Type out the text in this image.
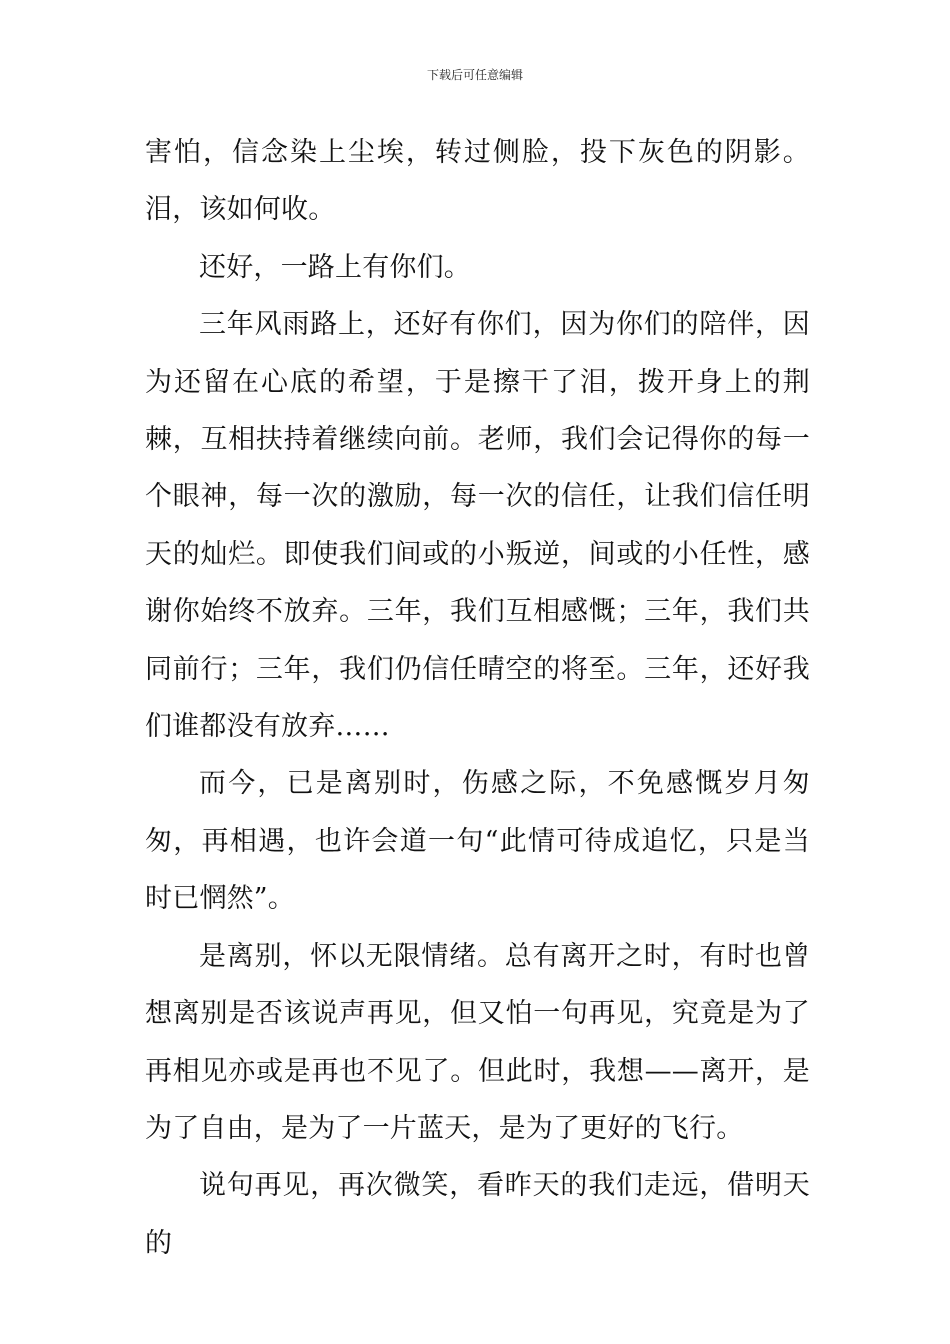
下载后可任意编辑

害怕，信念染上尘埃，转过侧脸，投下灰色的阴影。泪，该如何收。

还好，一路上有你们。

三年风雨路上，还好有你们，因为你们的陪伴，因为还留在心底的希望，于是擦干了泪，拨开身上的荆棘，互相扶持着继续向前。老师，我们会记得你的每一个眼神，每一次的激励，每一次的信任，让我们信任明天的灿烂。即使我们间或的小叛逆，间或的小任性，感谢你始终不放弃。三年，我们互相感慨；三年，我们共同前行；三年，我们仍信任晴空的将至。三年，还好我们谁都没有放弃……

而今，已是离别时，伤感之际，不免感慨岁月匆匆，再相遇，也许会道一句“此情可待成追忆，只是当时已惘然”。

是离别，怀以无限情绪。总有离开之时，有时也曾想离别是否该说声再见，但又怕一句再见，究竟是为了再相见亦或是再也不见了。但此时，我想——离开，是为了自由，是为了一片蓝天，是为了更好的飞行。

说句再见，再次微笑，看昨天的我们走远，借明天的
